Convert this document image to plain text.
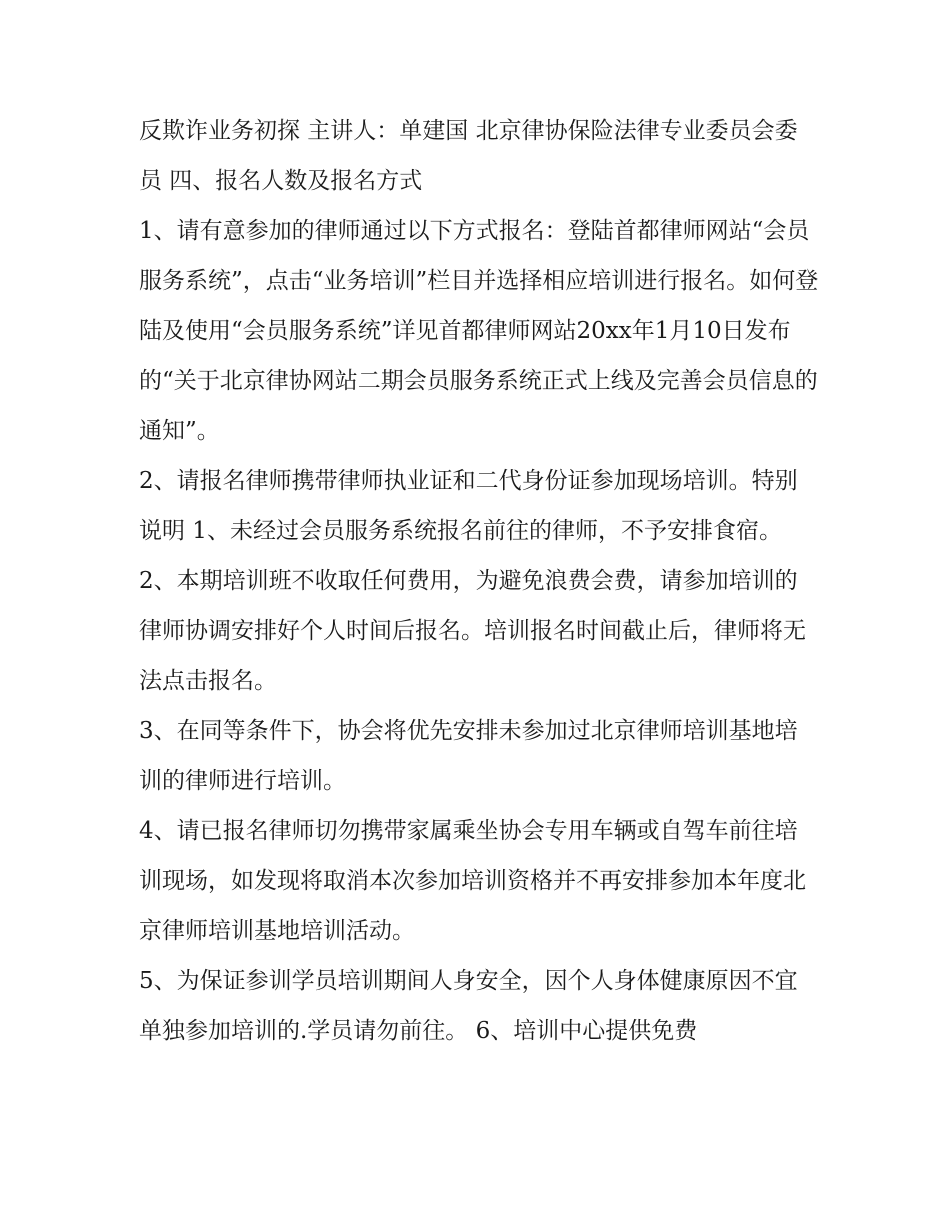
反欺诈业务初探 主讲人：单建国 北京律协保险法律专业委员会委员 四、报名人数及报名方式

1、请有意参加的律师通过以下方式报名：登陆首都律师网站“会员服务系统”，点击“业务培训”栏目并选择相应培训进行报名。如何登陆及使用“会员服务系统”详见首都律师网站20xx年1月10日发布的“关于北京律协网站二期会员服务系统正式上线及完善会员信息的通知”。

2、请报名律师携带律师执业证和二代身份证参加现场培训。特别说明 1、未经过会员服务系统报名前往的律师，不予安排食宿。

2、本期培训班不收取任何费用，为避免浪费会费，请参加培训的律师协调安排好个人时间后报名。培训报名时间截止后，律师将无法点击报名。

3、在同等条件下，协会将优先安排未参加过北京律师培训基地培训的律师进行培训。

4、请已报名律师切勿携带家属乘坐协会专用车辆或自驾车前往培训现场，如发现将取消本次参加培训资格并不再安排参加本年度北京律师培训基地培训活动。

5、为保证参训学员培训期间人身安全，因个人身体健康原因不宜单独参加培训的.学员请勿前往。 6、培训中心提供免费
